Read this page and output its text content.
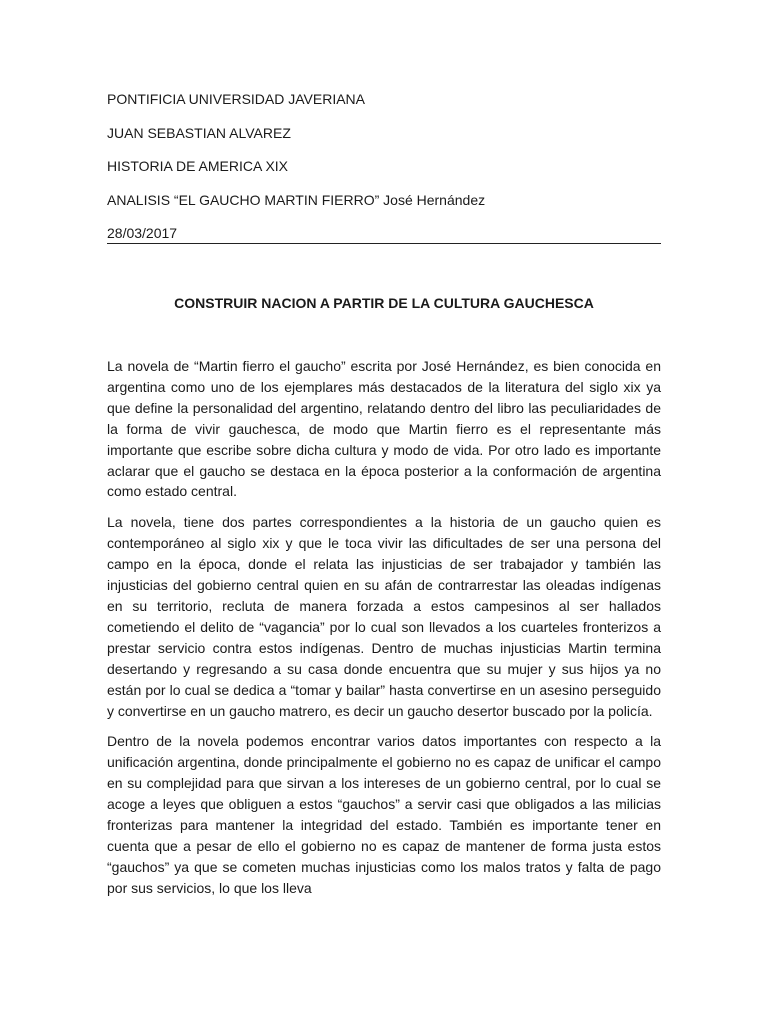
PONTIFICIA UNIVERSIDAD JAVERIANA
JUAN SEBASTIAN ALVAREZ
HISTORIA DE AMERICA XIX
ANALISIS “EL GAUCHO MARTIN FIERRO” José Hernández
28/03/2017
CONSTRUIR NACION A PARTIR DE LA CULTURA GAUCHESCA

La novela de “Martin fierro el gaucho” escrita por José Hernández, es bien conocida en argentina como uno de los ejemplares más destacados de la literatura del siglo xix ya que define la personalidad del argentino, relatando dentro del libro las peculiaridades de la forma de vivir gauchesca, de modo que Martin fierro es el representante más importante que escribe sobre dicha cultura y modo de vida. Por otro lado es importante aclarar que el gaucho se destaca en la época posterior a la conformación de argentina como estado central.

La novela, tiene dos partes correspondientes a la historia de un gaucho quien es contemporáneo al siglo xix y que le toca vivir las dificultades de ser una persona del campo en la época, donde el relata las injusticias de ser trabajador y también las injusticias del gobierno central quien en su afán de contrarrestar las oleadas indígenas en su territorio, recluta de manera forzada a estos campesinos al ser hallados cometiendo el delito de “vagancia” por lo cual son llevados a los cuarteles fronterizos a prestar servicio contra estos indígenas. Dentro de muchas injusticias Martin termina desertando y regresando a su casa donde encuentra que su mujer y sus hijos ya no están por lo cual se dedica a “tomar y bailar” hasta convertirse en un asesino perseguido y convertirse en un gaucho matrero, es decir un gaucho desertor buscado por la policía.

Dentro de la novela podemos encontrar varios datos importantes con respecto a la unificación argentina, donde principalmente el gobierno no es capaz de unificar el campo en su complejidad para que sirvan a los intereses de un gobierno central, por lo cual se acoge a leyes que obliguen a estos “gauchos” a servir casi que obligados a las milicias fronterizas para mantener la integridad del estado. También es importante tener en cuenta que a pesar de ello el gobierno no es capaz de mantener de forma justa estos “gauchos” ya que se cometen muchas injusticias como los malos tratos y falta de pago por sus servicios, lo que los lleva
